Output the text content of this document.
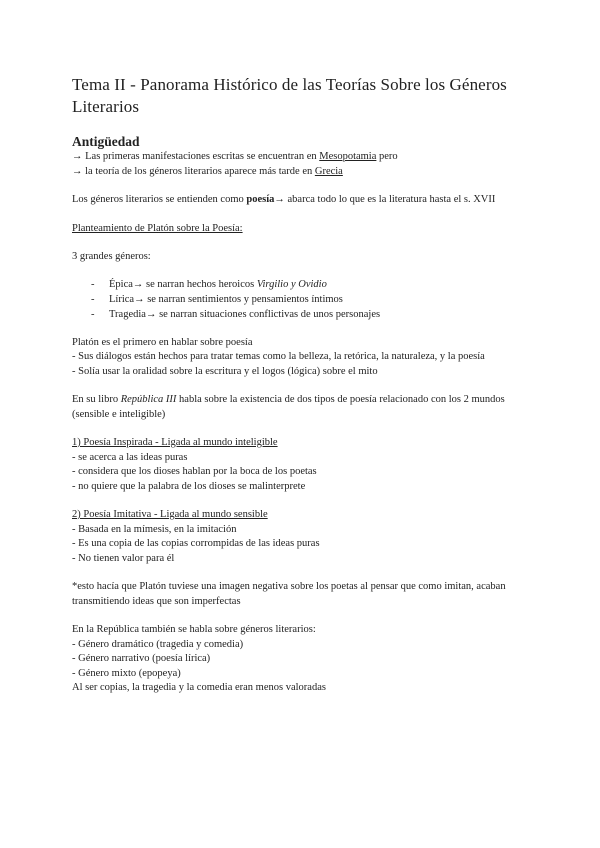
Tema II - Panorama Histórico de las Teorías Sobre los Géneros Literarios
Antigüedad

→ Las primeras manifestaciones escritas se encuentran en Mesopotamia pero

→ la teoría de los géneros literarios aparece más tarde en Grecia

Los géneros literarios se entienden como poesía→ abarca todo lo que es la literatura hasta el s. XVII

Planteamiento de Platón sobre la Poesía:

3 grandes géneros:

- Épica→ se narran hechos heroicos Virgilio y Ovidio
- Lírica→ se narran sentimientos y pensamientos íntimos
- Tragedia→ se narran situaciones conflictivas de unos personajes

Platón es el primero en hablar sobre poesía

- Sus diálogos están hechos para tratar temas como la belleza, la retórica, la naturaleza, y la poesía

- Solía usar la oralidad sobre la escritura y el logos (lógica) sobre el mito

En su libro República III habla sobre la existencia de dos tipos de poesía relacionado con los 2 mundos (sensible e inteligible)

1) Poesía Inspirada - Ligada al mundo inteligible

- se acerca a las ideas puras

- considera que los dioses hablan por la boca de los poetas

- no quiere que la palabra de los dioses se malinterprete

2) Poesía Imitativa - Ligada al mundo sensible

- Basada en la mímesis, en la imitación

- Es una copia de las copias corrompidas de las ideas puras

- No tienen valor para él

*esto hacía que Platón tuviese una imagen negativa sobre los poetas al pensar que como imitan, acaban transmitiendo ideas que son imperfectas

En la República también se habla sobre géneros literarios:

- Género dramático (tragedia y comedia)

- Género narrativo (poesía lírica)

- Género mixto (epopeya)

Al ser copias, la tragedia y la comedia eran menos valoradas
